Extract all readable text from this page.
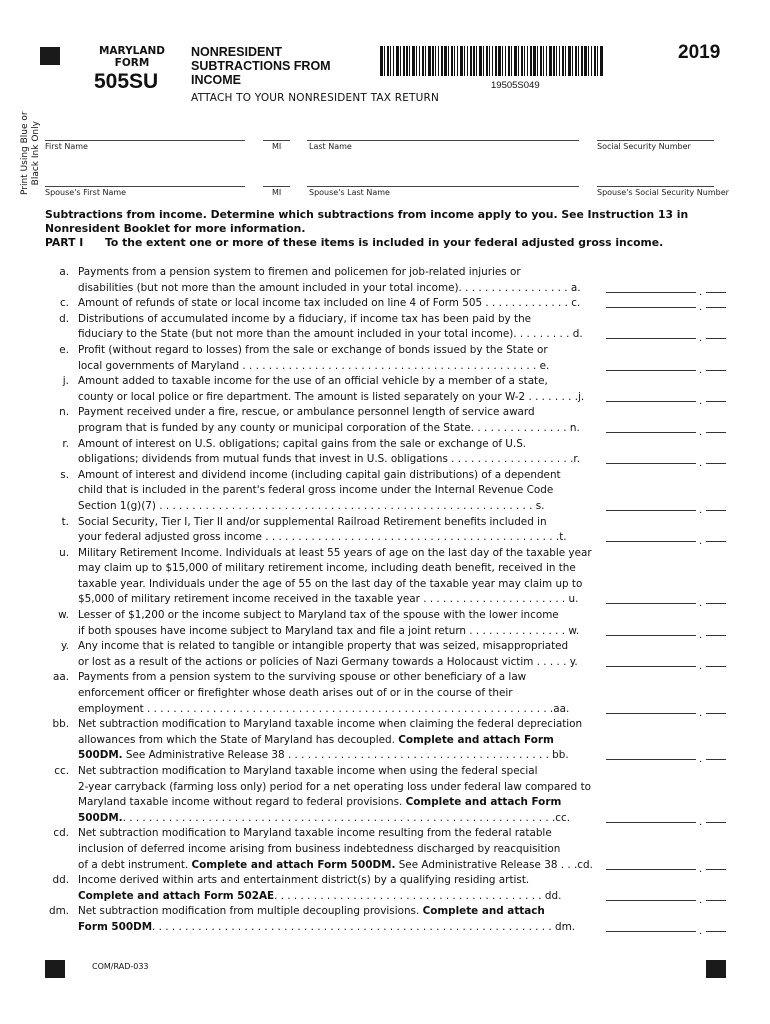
MARYLAND
FORM
505SU
NONRESIDENT
SUBTRACTIONS FROM
INCOME
ATTACH TO YOUR NONRESIDENT TAX RETURN
19505S049
2019
Print Using Blue or Black Ink Only First Name	MI	Last Name	Social Security Number
Spouse's First Name	MI	Spouse's Last Name	Spouse's Social Security Number
Subtractions from income. Determine which subtractions from income apply to you. See Instruction 13 in
Nonresident Booklet for more information.
PART I To the extent one or more of these items is included in your federal adjusted gross income.
a. Payments from a pension system to firemen and policemen for job-related injuries or
disabilities (but not more than the amount included in your total income). . . . . . . . . . . . . . . . . a.	.
c. Amount of refunds of state or local income tax included on line 4 of Form 505 . . . . . . . . . . . . . c.	.
d. Distributions of accumulated income by a fiduciary, if income tax has been paid by the
fiduciary to the State (but not more than the amount included in your total income). . . . . . . . . d.	.
e. Profit (without regard to losses) from the sale or exchange of bonds issued by the State or
local governments of Maryland . . . . . . . . . . . . . . . . . . . . . . . . . . . . . . . . . . . . . . . . . . . . . e.	.
j. Amount added to taxable income for the use of an official vehicle by a member of a state,
county or local police or fire department. The amount is listed separately on your W-2 . . . . . . . .j.	.
n. Payment received under a fire, rescue, or ambulance personnel length of service award
program that is funded by any county or municipal corporation of the State. . . . . . . . . . . . . . . n.	.
r. Amount of interest on U.S. obligations; capital gains from the sale or exchange of U.S.
obligations; dividends from mutual funds that invest in U.S. obligations . . . . . . . . . . . . . . . . . . .r.	.
s. Amount of interest and dividend income (including capital gain distributions) of a dependent
child that is included in the parent's federal gross income under the Internal Revenue Code
Section 1(g)(7) . . . . . . . . . . . . . . . . . . . . . . . . . . . . . . . . . . . . . . . . . . . . . . . . . . . . . . . . . s.	.
t. Social Security, Tier I, Tier II and/or supplemental Railroad Retirement benefits included in
your federal adjusted gross income . . . . . . . . . . . . . . . . . . . . . . . . . . . . . . . . . . . . . . . . . . . . .t.	.
u. Military Retirement Income. Individuals at least 55 years of age on the last day of the taxable year
may claim up to $15,000 of military retirement income, including death benefit, received in the
taxable year. Individuals under the age of 55 on the last day of the taxable year may claim up to
$5,000 of military retirement income received in the taxable year . . . . . . . . . . . . . . . . . . . . . . u.	.
w. Lesser of $1,200 or the income subject to Maryland tax of the spouse with the lower income
if both spouses have income subject to Maryland tax and file a joint return . . . . . . . . . . . . . . . w.	.
y. Any income that is related to tangible or intangible property that was seized, misappropriated
or lost as a result of the actions or policies of Nazi Germany towards a Holocaust victim . . . . . y.	.
aa. Payments from a pension system to the surviving spouse or other beneficiary of a law
enforcement officer or firefighter whose death arises out of or in the course of their
employment . . . . . . . . . . . . . . . . . . . . . . . . . . . . . . . . . . . . . . . . . . . . . . . . . . . . . . . . . . . . . .aa.	.
bb. Net subtraction modification to Maryland taxable income when claiming the federal depreciation
allowances from which the State of Maryland has decoupled. Complete and attach Form
500DM. See Administrative Release 38 . . . . . . . . . . . . . . . . . . . . . . . . . . . . . . . . . . . . . . . . bb.	.
cc. Net subtraction modification to Maryland taxable income when using the federal special
2-year carryback (farming loss only) period for a net operating loss under federal law compared to
Maryland taxable income without regard to federal provisions. Complete and attach Form
500DM.. . . . . . . . . . . . . . . . . . . . . . . . . . . . . . . . . . . . . . . . . . . . . . . . . . . . . . . . . . . . . . . . . .cc.	.
cd. Net subtraction modification to Maryland taxable income resulting from the federal ratable
inclusion of deferred income arising from business indebtedness discharged by reacquisition
of a debt instrument. Complete and attach Form 500DM. See Administrative Release 38 . . .cd.	.
dd. Income derived within arts and entertainment district(s) by a qualifying residing artist.
Complete and attach Form 502AE. . . . . . . . . . . . . . . . . . . . . . . . . . . . . . . . . . . . . . . . . dd.	.
dm. Net subtraction modification from multiple decoupling provisions. Complete and attach
Form 500DM. . . . . . . . . . . . . . . . . . . . . . . . . . . . . . . . . . . . . . . . . . . . . . . . . . . . . . . . . . . . . dm.	.
COM/RAD-033
